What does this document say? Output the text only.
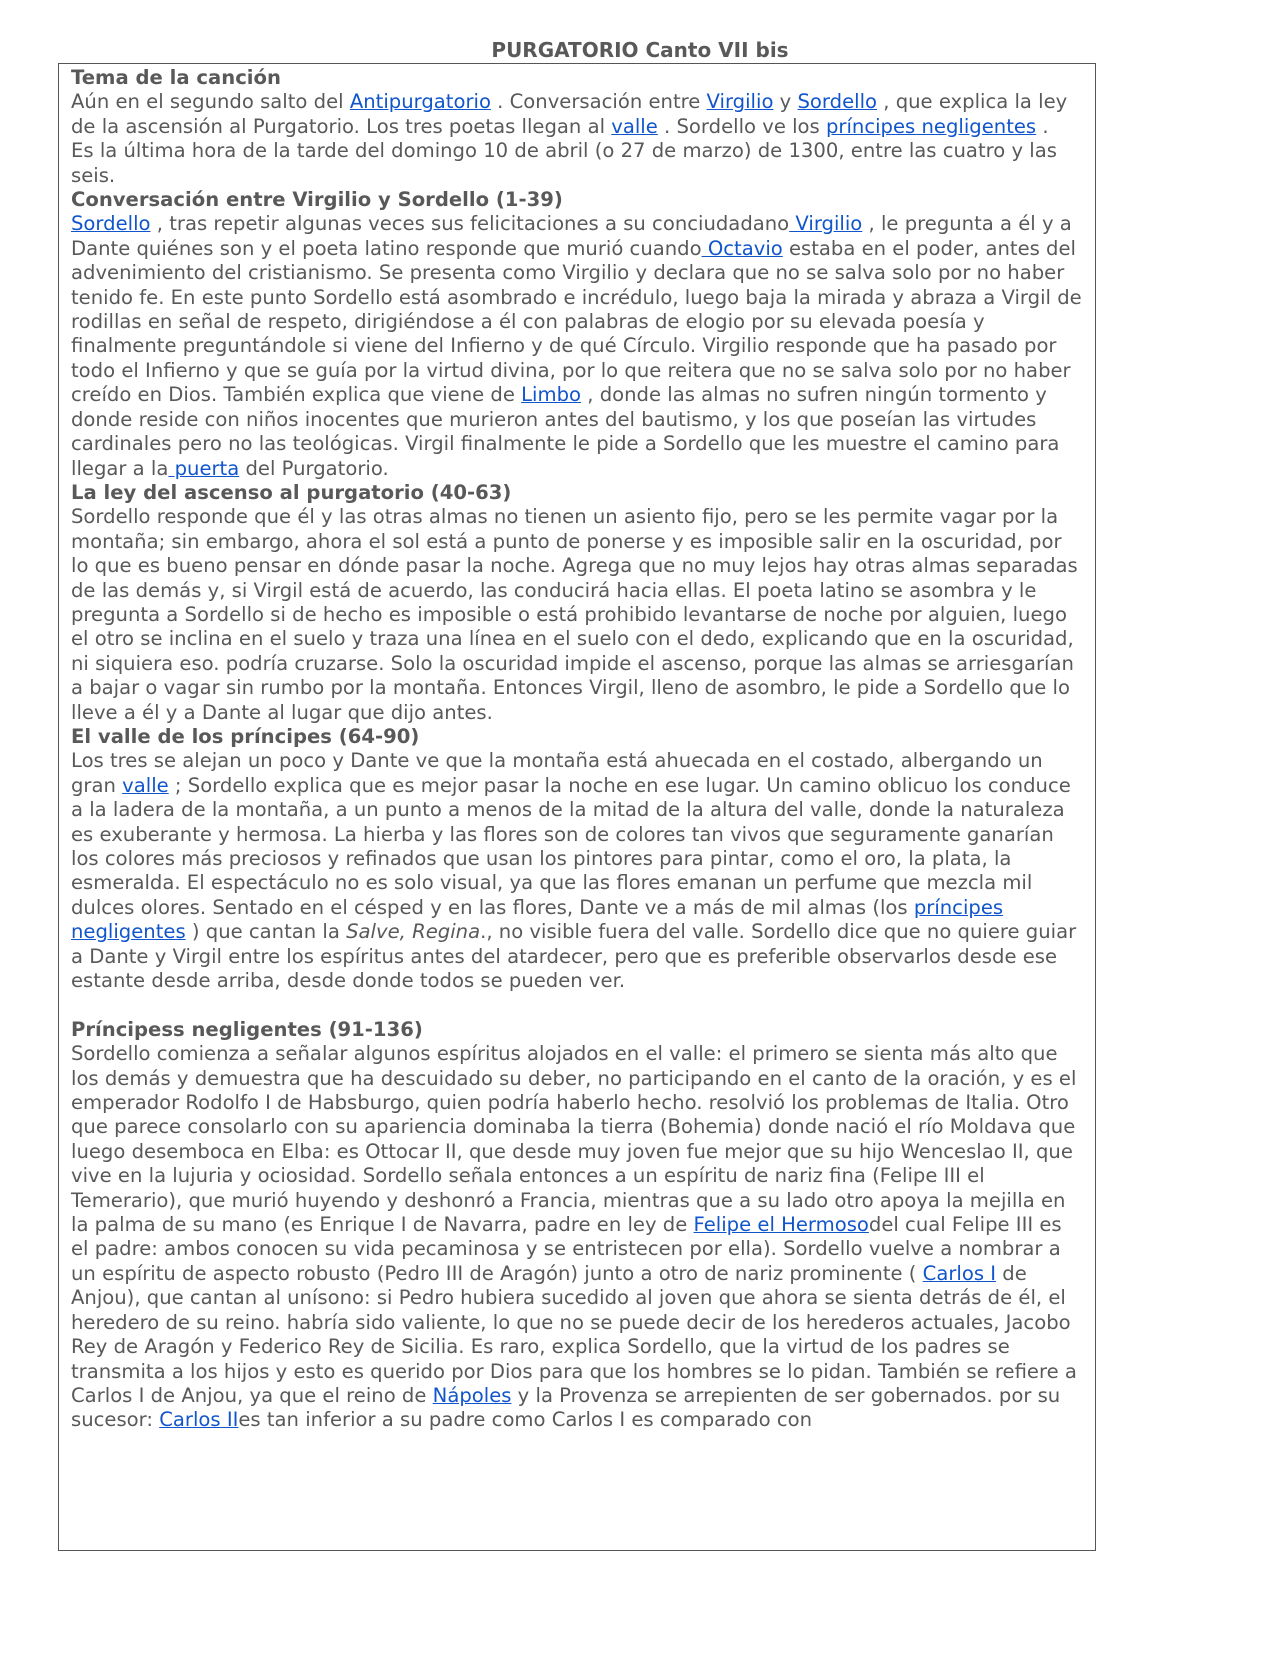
PURGATORIO Canto VII bis

Tema de la canción

Aún en el segundo salto del Antipurgatorio . Conversación entre Virgilio y Sordello , que explica la ley de la ascensión al Purgatorio. Los tres poetas llegan al valle . Sordello ve los príncipes negligentes .

Es la última hora de la tarde del domingo 10 de abril (o 27 de marzo) de 1300, entre las cuatro y las seis.

Conversación entre Virgilio y Sordello (1-39)

Sordello , tras repetir algunas veces sus felicitaciones a su conciudadano Virgilio , le pregunta a él y a Dante quiénes son y el poeta latino responde que murió cuando Octavio estaba en el poder, antes del advenimiento del cristianismo. Se presenta como Virgilio y declara que no se salva solo por no haber tenido fe. En este punto Sordello está asombrado e incrédulo, luego baja la mirada y abraza a Virgil de rodillas en señal de respeto, dirigiéndose a él con palabras de elogio por su elevada poesía y finalmente preguntándole si viene del Infierno y de qué Círculo. Virgilio responde que ha pasado por todo el Infierno y que se guía por la virtud divina, por lo que reitera que no se salva solo por no haber creído en Dios. También explica que viene de Limbo , donde las almas no sufren ningún tormento y donde reside con niños inocentes que murieron antes del bautismo, y los que poseían las virtudes cardinales pero no las teológicas. Virgil finalmente le pide a Sordello que les muestre el camino para llegar a la puerta del Purgatorio.

La ley del ascenso al purgatorio (40-63)

Sordello responde que él y las otras almas no tienen un asiento fijo, pero se les permite vagar por la montaña; sin embargo, ahora el sol está a punto de ponerse y es imposible salir en la oscuridad, por lo que es bueno pensar en dónde pasar la noche. Agrega que no muy lejos hay otras almas separadas de las demás y, si Virgil está de acuerdo, las conducirá hacia ellas. El poeta latino se asombra y le pregunta a Sordello si de hecho es imposible o está prohibido levantarse de noche por alguien, luego el otro se inclina en el suelo y traza una línea en el suelo con el dedo, explicando que en la oscuridad, ni siquiera eso. podría cruzarse. Solo la oscuridad impide el ascenso, porque las almas se arriesgarían a bajar o vagar sin rumbo por la montaña. Entonces Virgil, lleno de asombro, le pide a Sordello que lo lleve a él y a Dante al lugar que dijo antes.

El valle de los príncipes (64-90)

Los tres se alejan un poco y Dante ve que la montaña está ahuecada en el costado, albergando un gran valle ; Sordello explica que es mejor pasar la noche en ese lugar. Un camino oblicuo los conduce a la ladera de la montaña, a un punto a menos de la mitad de la altura del valle, donde la naturaleza es exuberante y hermosa. La hierba y las flores son de colores tan vivos que seguramente ganarían los colores más preciosos y refinados que usan los pintores para pintar, como el oro, la plata, la esmeralda. El espectáculo no es solo visual, ya que las flores emanan un perfume que mezcla mil dulces olores. Sentado en el césped y en las flores, Dante ve a más de mil almas (los príncipes negligentes ) que cantan la Salve, Regina., no visible fuera del valle. Sordello dice que no quiere guiar a Dante y Virgil entre los espíritus antes del atardecer, pero que es preferible observarlos desde ese estante desde arriba, desde donde todos se pueden ver.

Príncipess negligentes (91-136)

Sordello comienza a señalar algunos espíritus alojados en el valle: el primero se sienta más alto que los demás y demuestra que ha descuidado su deber, no participando en el canto de la oración, y es el emperador Rodolfo I de Habsburgo, quien podría haberlo hecho. resolvió los problemas de Italia. Otro que parece consolarlo con su apariencia dominaba la tierra (Bohemia) donde nació el río Moldava que luego desemboca en Elba: es Ottocar II, que desde muy joven fue mejor que su hijo Wenceslao II, que vive en la lujuria y ociosidad. Sordello señala entonces a un espíritu de nariz fina (Felipe III el Temerario), que murió huyendo y deshonró a Francia, mientras que a su lado otro apoya la mejilla en la palma de su mano (es Enrique I de Navarra, padre en ley de Felipe el Hermosodel cual Felipe III es el padre: ambos conocen su vida pecaminosa y se entristecen por ella). Sordello vuelve a nombrar a un espíritu de aspecto robusto (Pedro III de Aragón) junto a otro de nariz prominente ( Carlos I de Anjou), que cantan al unísono: si Pedro hubiera sucedido al joven que ahora se sienta detrás de él, el heredero de su reino. habría sido valiente, lo que no se puede decir de los herederos actuales, Jacobo Rey de Aragón y Federico Rey de Sicilia. Es raro, explica Sordello, que la virtud de los padres se transmita a los hijos y esto es querido por Dios para que los hombres se lo pidan. También se refiere a Carlos I de Anjou, ya que el reino de Nápoles y la Provenza se arrepienten de ser gobernados. por su sucesor: Carlos IIes tan inferior a su padre como Carlos I es comparado con
